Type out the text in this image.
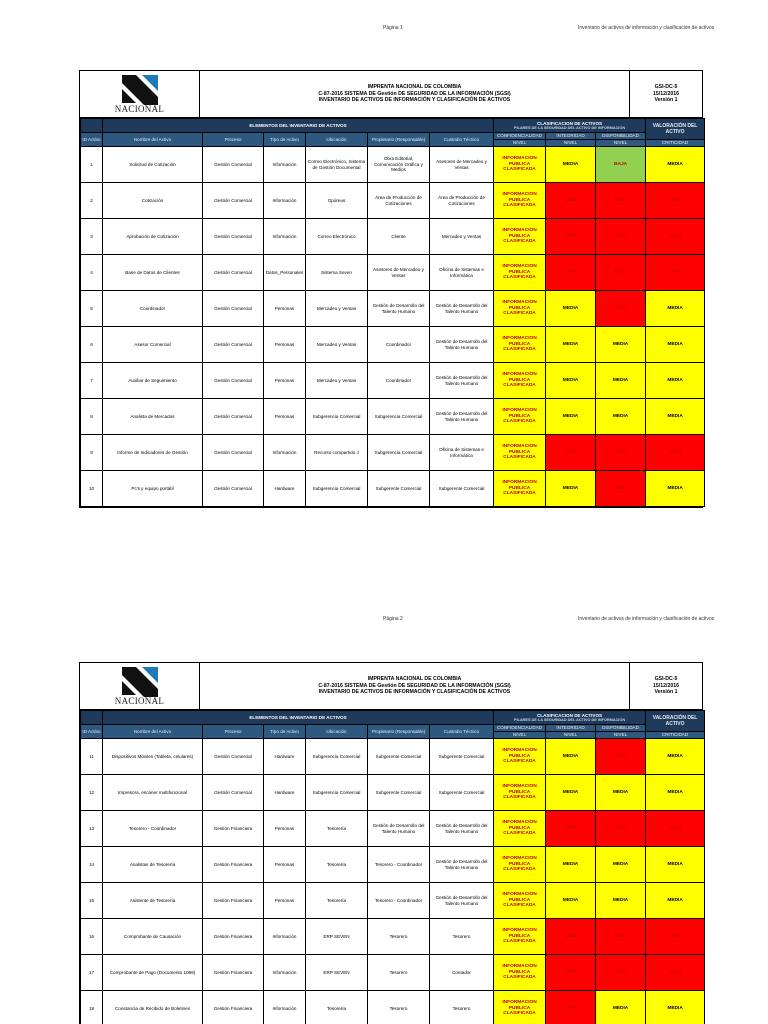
Página 1	Inventario de activos de información y clasificación de activos
NACIONAL
IMPRENTA NACIONAL DE COLOMBIA
C-87-2016 SISTEMA DE Gestión DE SEGURIDAD DE LA INFORMACIÓN (SGSI)
INVENTARIO DE ACTIVOS DE INFORMACIÓN Y CLASIFICACIÓN DE ACTIVOS
GSI-DC-5
15/12/2016
Versión 1
	ELEMENTOS DEL INVENTARIO DE ACTIVOS						CLASIFICACION DE ACTIVOS
PILARES DE LA SEGURIDAD DEL ACTIVO DE INFORMACION			VALORACIÓN DEL ACTIVO
ID Activo	Nombre del Activo	Proceso	Tipo de Activo	Ubicación	Propietario (Responsable)	Custodio Técnico	CONFIDENCIALIDAD	INTEGRIDAD	DISPONIBILIDAD	
							NIVEL	NIVEL	NIVEL	CRITICIDAD
1	Solicitud de Cotización	Gestión Comercial	Información	Correo Electrónico, Sistema de Gestión Documental	Obra Editorial, Comunicación Gráfica y Medios	Asesores de Mercadeo y Ventas	INFORMACION PUBLICA CLASIFICADA	MEDIA	BAJA	MEDIA
2	Cotización	Gestión Comercial	Información	Opúreus	Área de Producción de Cotizaciones	Área de Producción de Cotizaciones	INFORMACION PUBLICA CLASIFICADA	ALTA	ALTA	ALTA
3	Aprobación de Cotización	Gestión Comercial	Información	Correo Electrónico	Cliente	Mercadeo y Ventas	INFORMACION PUBLICA CLASIFICADA	ALTA	ALTA	ALTA
4	Base de Datos de Clientes	Gestión Comercial	Datos_Personales	Sistema Seven	Asesores de Mercadeo y Ventas	Oficina de Sistemas e Informática	INFORMACION PUBLICA CLASIFICADA	ALTA	ALTA	ALTA
5	Coordinador	Gestión Comercial	Personas	Mercadeo y Ventas	Gestión de Desarrollo del Talento Humano	Gestión de Desarrollo del Talento Humano	INFORMACION PUBLICA CLASIFICADA	MEDIA	ALTA	MEDIA
6	Asesor Comercial	Gestión Comercial	Personas	Mercadeo y Ventas	Coordinador	Gestión de Desarrollo del Talento Humano	INFORMACION PUBLICA CLASIFICADA	MEDIA	MEDIA	MEDIA
7	Auxiliar de Seguimiento	Gestión Comercial	Personas	Mercadeo y Ventas	Coordinador	Gestión de Desarrollo del Talento Humano	INFORMACION PUBLICA CLASIFICADA	MEDIA	MEDIA	MEDIA
8	Analista de Mercados	Gestión Comercial	Personas	Subgerencia Comercial	Subgerencia Comercial	Gestión de Desarrollo del Talento Humano	INFORMACION PUBLICA CLASIFICADA	MEDIA	MEDIA	MEDIA
9	Informe de Indicadores de Gestión	Gestión Comercial	Información	Recurso compartido J	Subgerencia Comercial	Oficina de Sistemas e Informática	INFORMACION PUBLICA CLASIFICADA	ALTA	ALTA	ALTA
10	Pc's y equipo portátil	Gestión Comercial	Hardware	Subgerencia Comercial	Subgerente Comercial	Subgerente Comercial	INFORMACION PUBLICA CLASIFICADA	MEDIA	ALTA	MEDIA
Página 2	Inventario de activos de información y clasificación de activos
NACIONAL
IMPRENTA NACIONAL DE COLOMBIA
C-87-2016 SISTEMA DE Gestión DE SEGURIDAD DE LA INFORMACIÓN (SGSI)
INVENTARIO DE ACTIVOS DE INFORMACIÓN Y CLASIFICACIÓN DE ACTIVOS
GSI-DC-5
15/12/2016
Versión 1
	ELEMENTOS DEL INVENTARIO DE ACTIVOS						CLASIFICACION DE ACTIVOS
PILARES DE LA SEGURIDAD DEL ACTIVO DE INFORMACION			VALORACIÓN DEL ACTIVO
ID Activo	Nombre del Activo	Proceso	Tipo de Activo	Ubicación	Propietario (Responsable)	Custodio Técnico	CONFIDENCIALIDAD	INTEGRIDAD	DISPONIBILIDAD	
							NIVEL	NIVEL	NIVEL	CRITICIDAD
11	Dispositivos Móviles (Tableta, celulares)	Gestión Comercial	Hardware	Subgerencia Comercial	Subgerente Comercial	Subgerente Comercial	INFORMACION PUBLICA CLASIFICADA	MEDIA	ALTA	MEDIA
12	Impresora, escáner multifuncional	Gestión Comercial	Hardware	Subgerencia Comercial	Subgerente Comercial	Subgerente Comercial	INFORMACION PUBLICA CLASIFICADA	MEDIA	MEDIA	MEDIA
13	Tesorero - Coordinador	Gestión Financiera	Personas	Tesorería	Gestión de Desarrollo del Talento Humano	Gestión de Desarrollo del Talento Humano	INFORMACION PUBLICA CLASIFICADA	ALTA	ALTA	ALTA
14	Analistas de Tesorería	Gestión Financiera	Personas	Tesorería	Tesorero - Coordinador	Gestión de Desarrollo del Talento Humano	INFORMACION PUBLICA CLASIFICADA	MEDIA	MEDIA	MEDIA
15	Asistente de Tesorería	Gestión Financiera	Personas	Tesorería	Tesorero - Coordinador	Gestión de Desarrollo del Talento Humano	INFORMACION PUBLICA CLASIFICADA	MEDIA	MEDIA	MEDIA
16	Comprobante de Causación	Gestión Financiera	Información	ERP SEVEN	Tesorero	Tesorero	INFORMACION PUBLICA CLASIFICADA	ALTA	ALTA	ALTA
17	Comprobante de Pago (Documento 1069)	Gestión Financiera	Información	ERP SEVEN	Tesorero	Contador	INFORMACION PUBLICA CLASIFICADA	ALTA	ALTA	ALTA
18	Constancia de Recibido de Boletines	Gestión Financiera	Información	Tesorería	Tesorero	Tesorero	INFORMACION PUBLICA CLASIFICADA	ALTA	MEDIA	MEDIA
